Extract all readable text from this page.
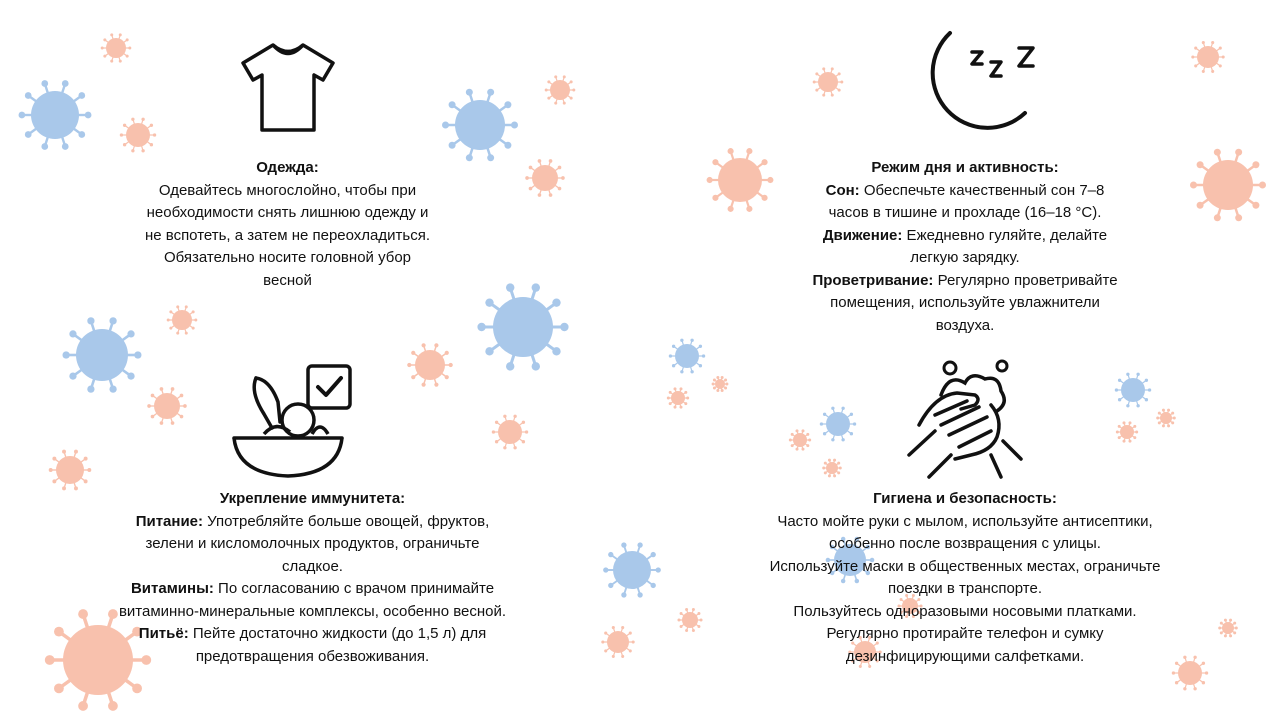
Одежда:
Одевайтесь многослойно, чтобы при
необходимости снять лишнюю одежду и
не вспотеть, а затем не переохладиться.
Обязательно носите головной убор
весной
Режим дня и активность:
Сон: Обеспечьте качественный сон 7–8
часов в тишине и прохладе (16–18 °C).
Движение: Ежедневно гуляйте, делайте
легкую зарядку.
Проветривание: Регулярно проветривайте
помещения, используйте увлажнители
воздуха.
Укрепление иммунитета:
Питание: Употребляйте больше овощей, фруктов,
зелени и кисломолочных продуктов, ограничьте
сладкое.
Витамины: По согласованию с врачом принимайте
витаминно-минеральные комплексы, особенно весной.
Питьё: Пейте достаточно жидкости (до 1,5 л) для
предотвращения обезвоживания.
Гигиена и безопасность:
Часто мойте руки с мылом, используйте антисептики,
особенно после возвращения с улицы.
Используйте маски в общественных местах, ограничьте
поездки в транспорте.
Пользуйтесь одноразовыми носовыми платками.
Регулярно протирайте телефон и сумку
дезинфицирующими салфетками.
